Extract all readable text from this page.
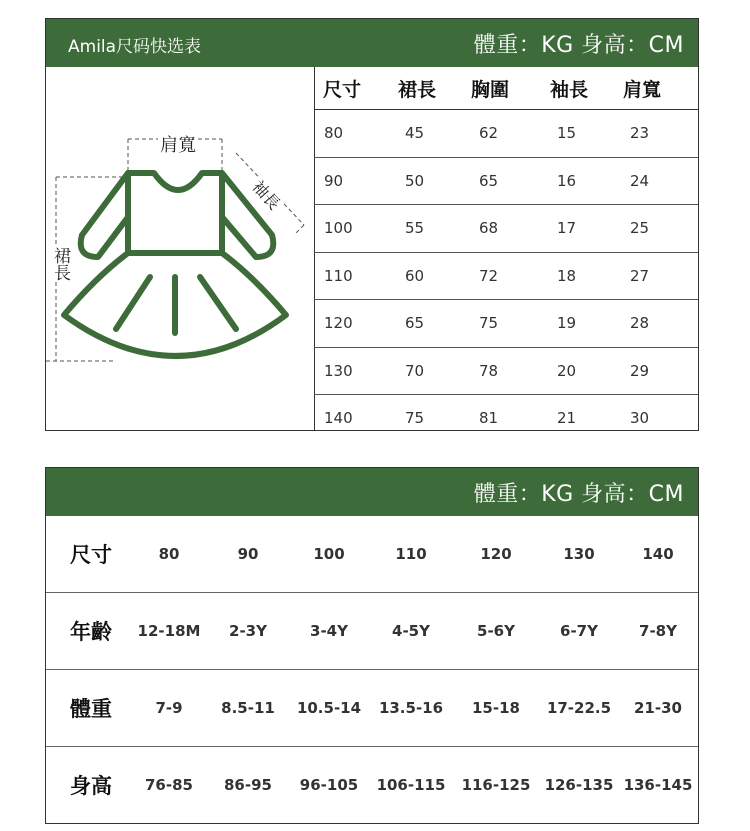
Amila尺码快选表	體重：KG 身高：CM
肩寬
袖長
裙長
尺寸 裙長 胸圍 袖長 肩寬
80	45	62	15	23
90	50	65	16	24
100	55	68	17	25
110	60	72	18	27
120	65	75	19	28
130	70	78	20	29
140	75	81	21	30
體重：KG 身高：CM
尺寸	80	90	100	110	120	130	140
年齡	12-18M	2-3Y	3-4Y	4-5Y	5-6Y	6-7Y	7-8Y
體重	7-9	8.5-11	10.5-14	13.5-16	15-18	17-22.5	21-30
身高	76-85	86-95	96-105	106-115	116-125 126-135 136-145
